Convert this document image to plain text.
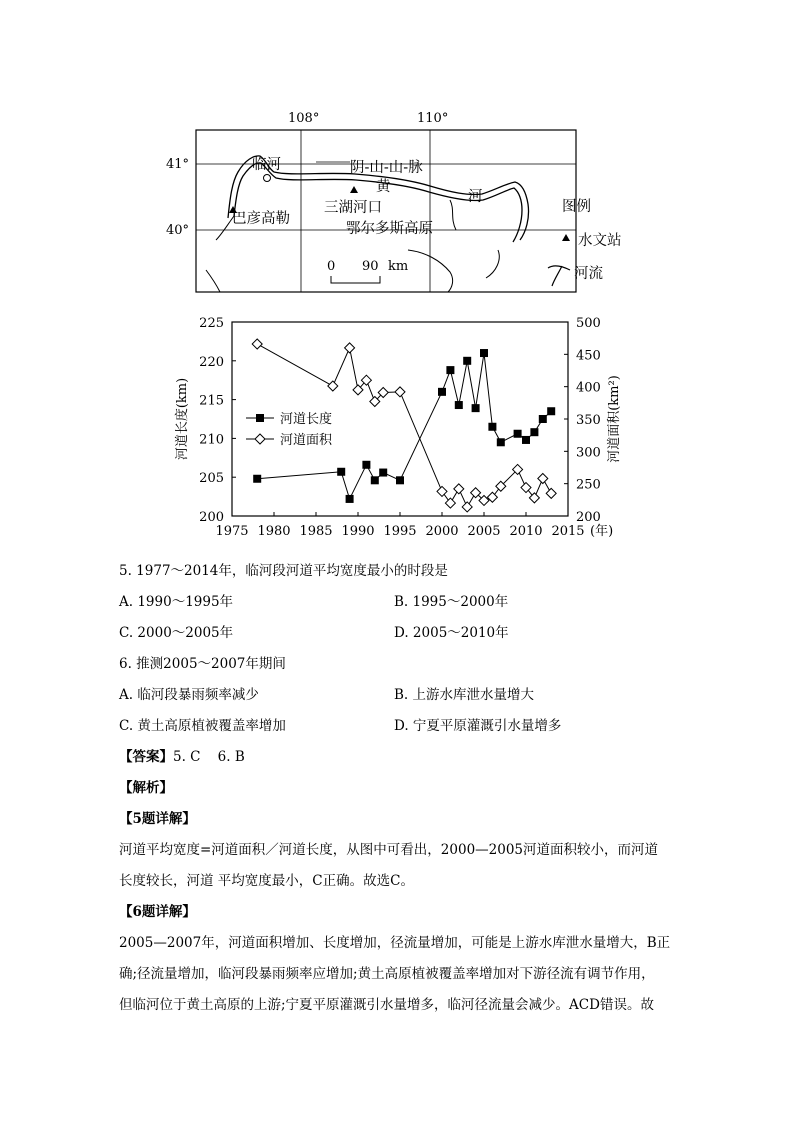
108°	110°
41°
40°
临河	阴-山-山-脉
黄
河
巴彦高勒
三湖河口
鄂尔多斯高原
0 90 km
图例
水文站
河流
1975 1980 1985 1990 1995 2000 2005 2010 2015 (年)
200
205
210
215
220
225
200
250
300
350
400
450
500
河道长度(km)	河道面积(km²)
河道长度
河道面积
5. 1977～2014年，临河段河道平均宽度最小的时段是
A. 1990～1995年	B. 1995～2000年
C. 2000～2005年	D. 2005～2010年
6. 推测2005～2007年期间
A. 临河段暴雨频率减少	B. 上游水库泄水量增大
C. 黄土高原植被覆盖率增加	D. 宁夏平原灌溉引水量增多
【答案】5. C    6. B
【解析】
【5题详解】
河道平均宽度=河道面积／河道长度，从图中可看出，2000—2005河道面积较小，而河道
长度较长，河道 平均宽度最小，C正确。故选C。
【6题详解】
2005—2007年，河道面积增加、长度增加，径流量增加，可能是上游水库泄水量增大，B正
确;径流量增加，临河段暴雨频率应增加;黄土高原植被覆盖率增加对下游径流有调节作用，
但临河位于黄土高原的上游;宁夏平原灌溉引水量增多，临河径流量会减少。ACD错误。故
